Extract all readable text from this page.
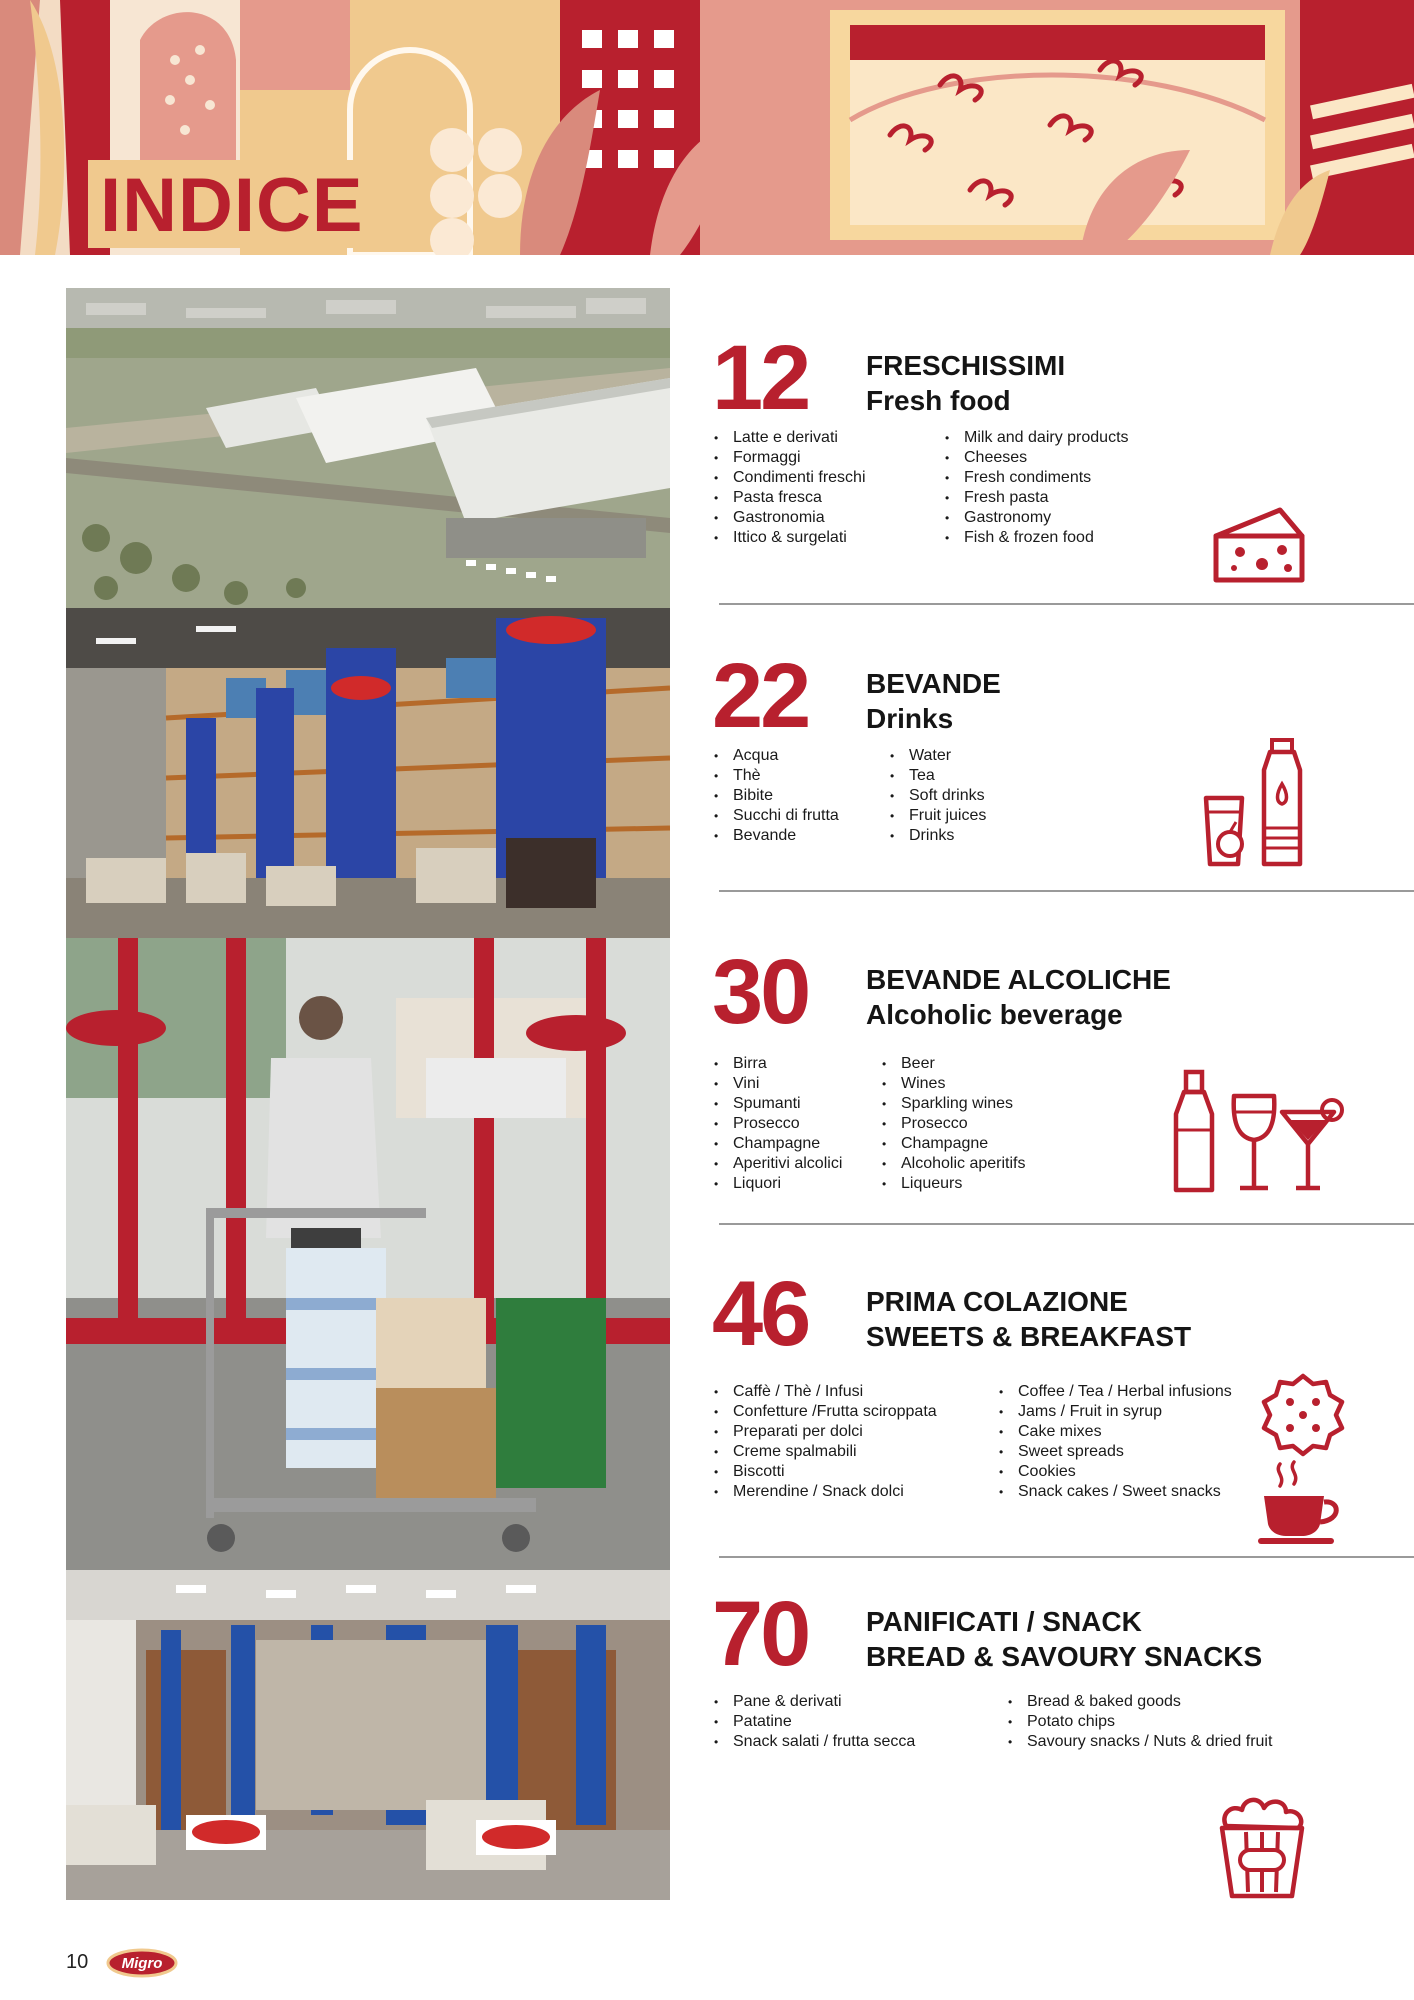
INDICE
12 FRESCHISSIMI
Fresh food
• Latte e derivati
• Formaggi
• Condimenti freschi
• Pasta fresca
• Gastronomia
• Ittico & surgelati
• Milk and dairy products
• Cheeses
• Fresh condiments
• Fresh pasta
• Gastronomy
• Fish & frozen food
22 BEVANDE
Drinks
• Acqua
• Thè
• Bibite
• Succhi di frutta
• Bevande
• Water
• Tea
• Soft drinks
• Fruit juices
• Drinks
30 BEVANDE ALCOLICHE
Alcoholic beverage
• Birra
• Vini
• Spumanti
• Prosecco
• Champagne
• Aperitivi alcolici
• Liquori
• Beer
• Wines
• Sparkling wines
• Prosecco
• Champagne
• Alcoholic aperitifs
• Liqueurs
46 PRIMA COLAZIONE
SWEETS & BREAKFAST
• Caffè / Thè / Infusi
• Confetture /Frutta sciroppata
• Preparati per dolci
• Creme spalmabili
• Biscotti
• Merendine / Snack dolci
• Coffee / Tea / Herbal infusions
• Jams / Fruit in syrup
• Cake mixes
• Sweet spreads
• Cookies
• Snack cakes / Sweet snacks
70 PANIFICATI / SNACK
BREAD & SAVOURY SNACKS
• Pane & derivati
• Patatine
• Snack salati / frutta secca
• Bread & baked goods
• Potato chips
• Savoury snacks / Nuts & dried fruit
10 Migro
